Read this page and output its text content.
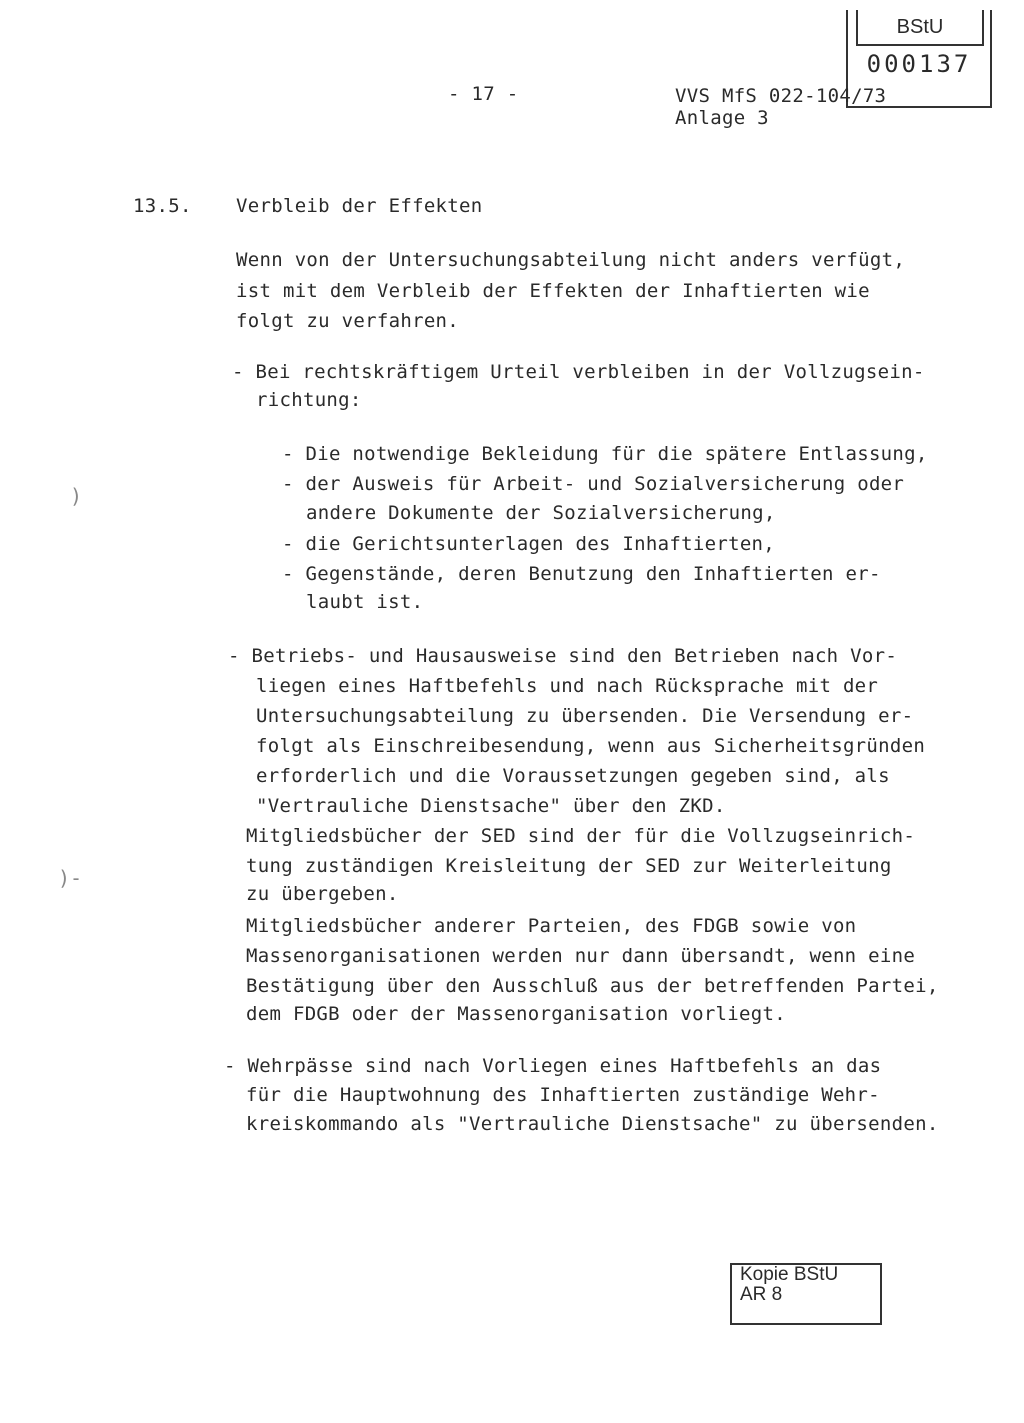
BStU
000137
- 17 -	VVS MfS 022-104/73
Anlage 3
13.5. Verbleib der Effekten
Wenn von der Untersuchungsabteilung nicht anders verfügt,
ist mit dem Verbleib der Effekten der Inhaftierten wie
folgt zu verfahren.
- Bei rechtskräftigem Urteil verbleiben in der Vollzugsein-
richtung:
- Die notwendige Bekleidung für die spätere Entlassung,
- der Ausweis für Arbeit- und Sozialversicherung oder
andere Dokumente der Sozialversicherung,
- die Gerichtsunterlagen des Inhaftierten,
- Gegenstände, deren Benutzung den Inhaftierten er-
laubt ist.
- Betriebs- und Hausausweise sind den Betrieben nach Vor-
liegen eines Haftbefehls und nach Rücksprache mit der
Untersuchungsabteilung zu übersenden. Die Versendung er-
folgt als Einschreibesendung, wenn aus Sicherheitsgründen
erforderlich und die Voraussetzungen gegeben sind, als
"Vertrauliche Dienstsache" über den ZKD.
Mitgliedsbücher der SED sind der für die Vollzugseinrich-
tung zuständigen Kreisleitung der SED zur Weiterleitung
zu übergeben.
Mitgliedsbücher anderer Parteien, des FDGB sowie von
Massenorganisationen werden nur dann übersandt, wenn eine
Bestätigung über den Ausschluß aus der betreffenden Partei,
dem FDGB oder der Massenorganisation vorliegt.
- Wehrpässe sind nach Vorliegen eines Haftbefehls an das
für die Hauptwohnung des Inhaftierten zuständige Wehr-
kreiskommando als "Vertrauliche Dienstsache" zu übersenden.
)
)-
Kopie BStU
AR 8
